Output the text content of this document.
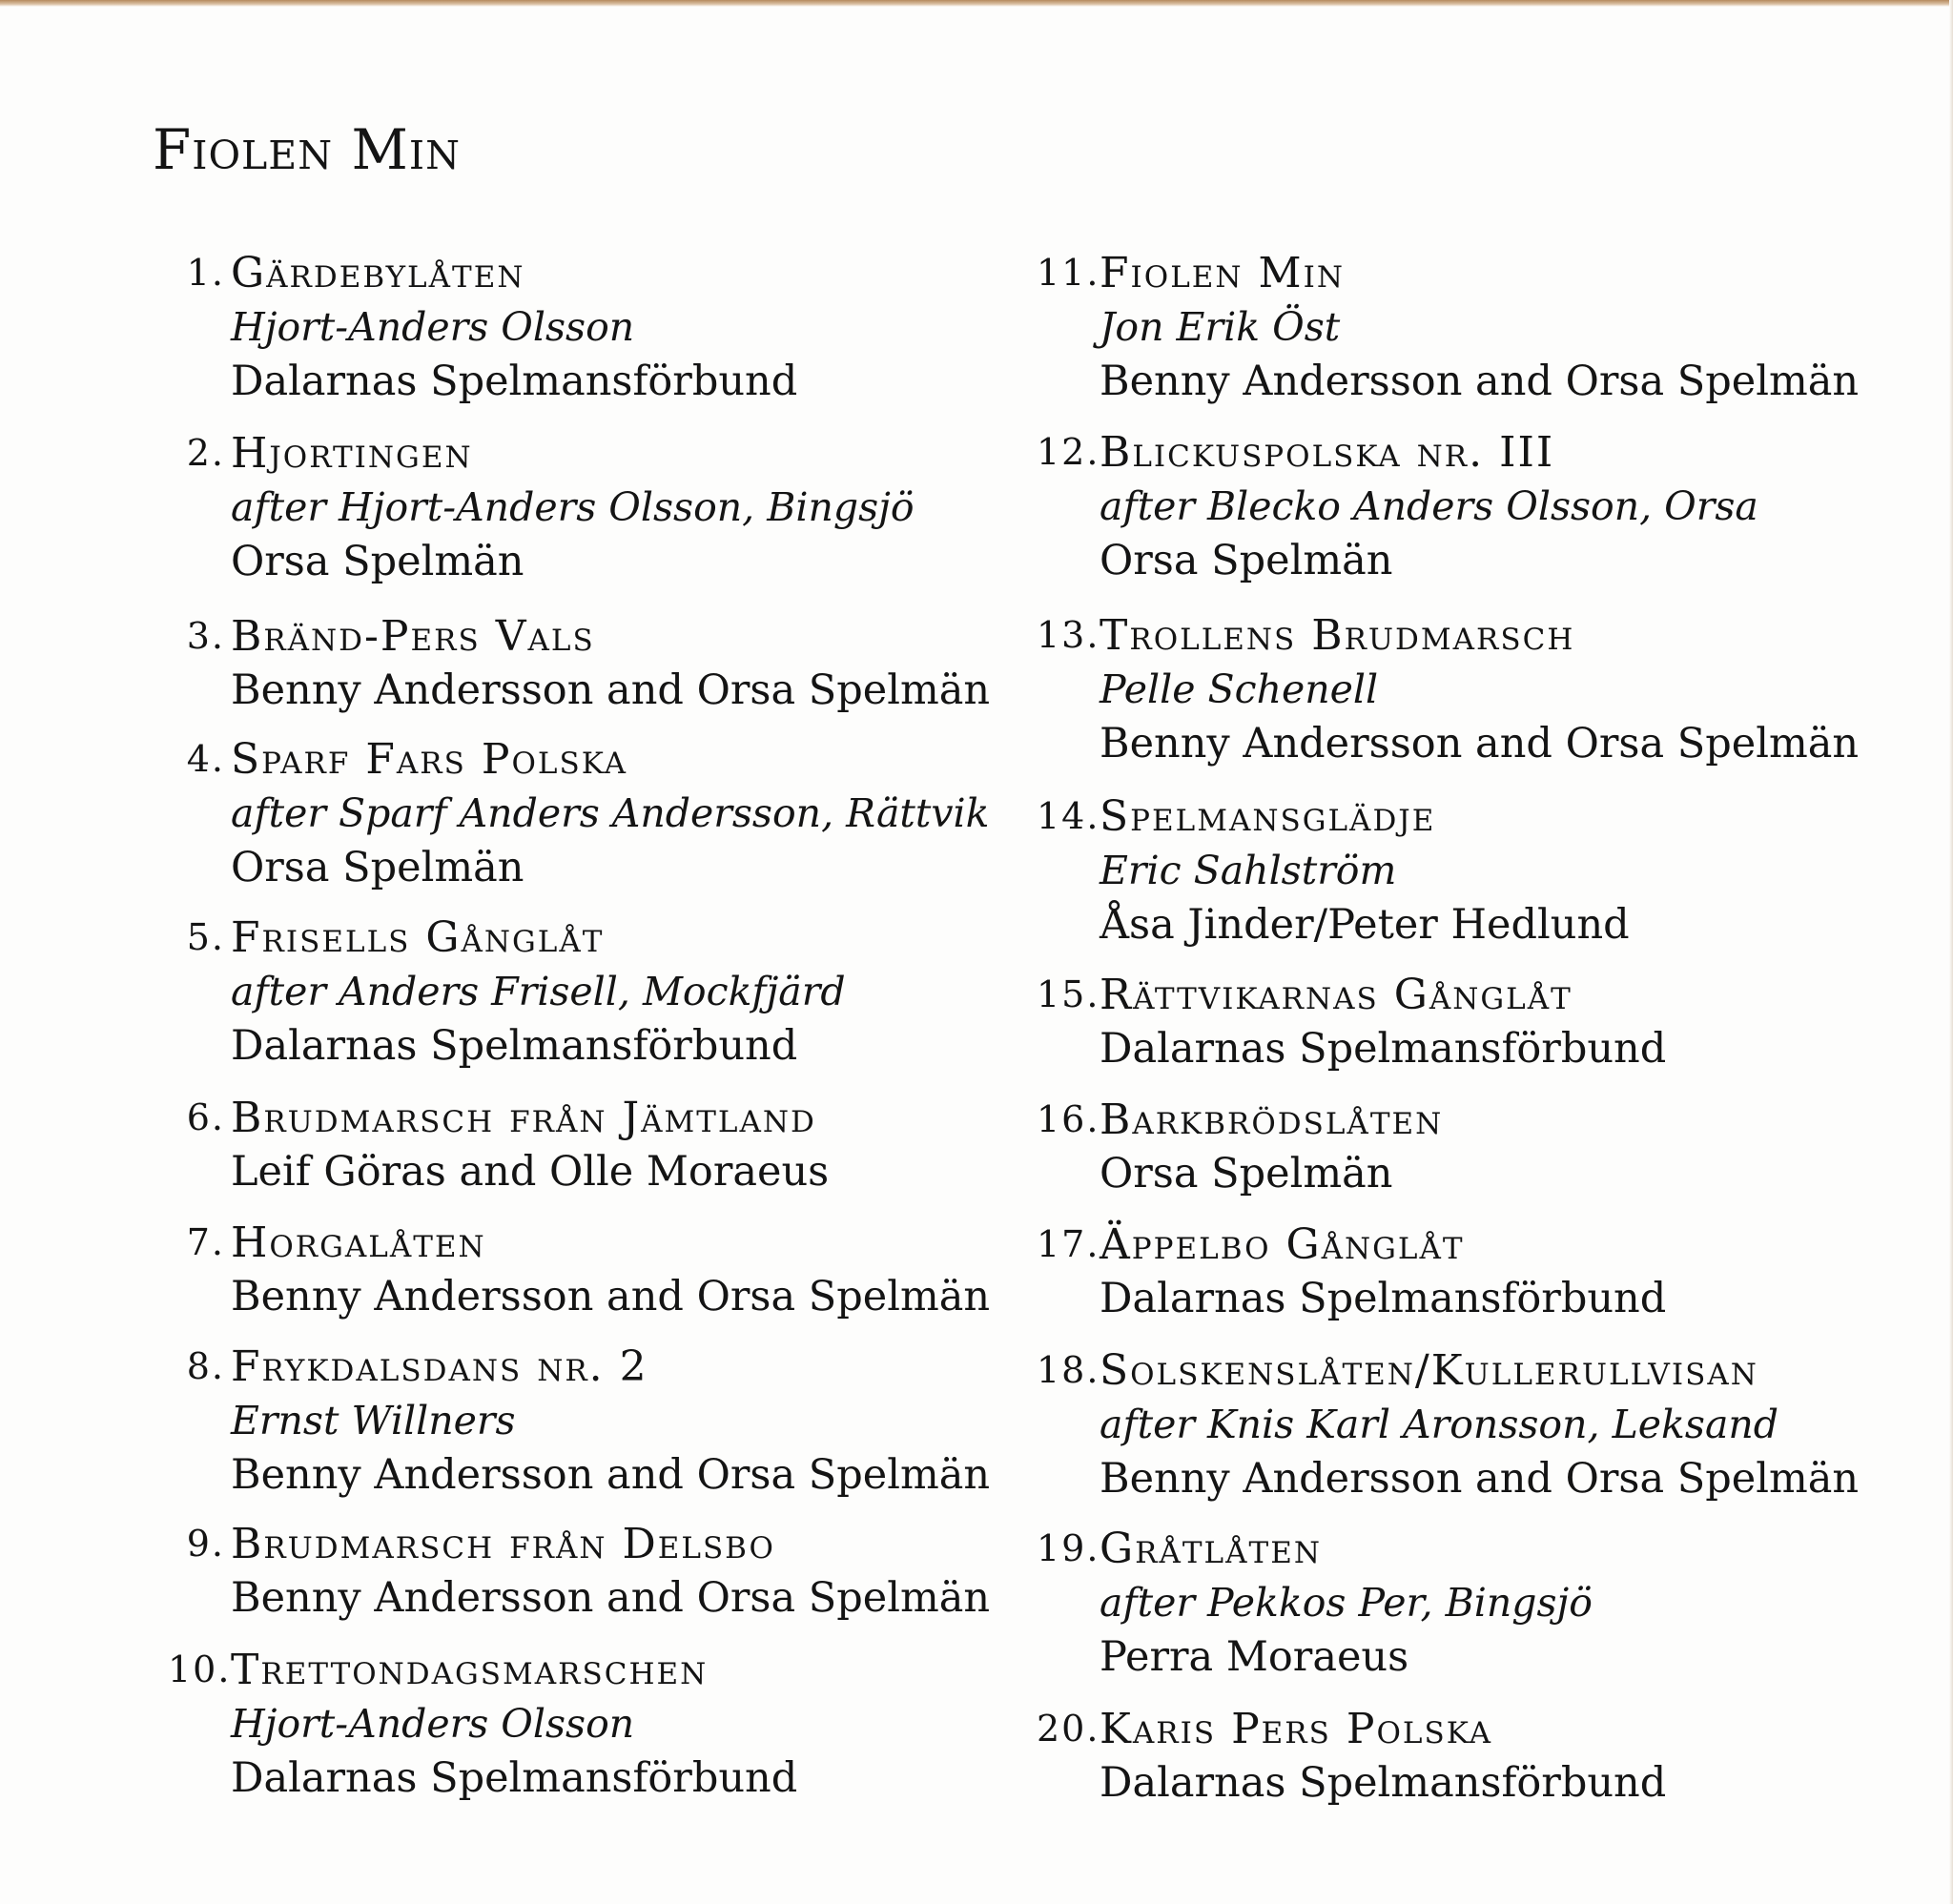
Fiolen Min
1. Gärdebylåten
Hjort-Anders Olsson
Dalarnas Spelmansförbund
2. Hjortingen
after Hjort-Anders Olsson, Bingsjö
Orsa Spelmän
3. Bränd-Pers Vals
Benny Andersson and Orsa Spelmän
4. Sparf Fars Polska
after Sparf Anders Andersson, Rättvik
Orsa Spelmän
5. Frisells Gånglåt
after Anders Frisell, Mockfjärd
Dalarnas Spelmansförbund
6. Brudmarsch från Jämtland
Leif Göras and Olle Moraeus
7. Horgalåten
Benny Andersson and Orsa Spelmän
8. Frykdalsdans nr. 2
Ernst Willners
Benny Andersson and Orsa Spelmän
9. Brudmarsch från Delsbo
Benny Andersson and Orsa Spelmän
10. Trettondagsmarschen
Hjort-Anders Olsson
Dalarnas Spelmansförbund
11. Fiolen Min
Jon Erik Öst
Benny Andersson and Orsa Spelmän
12. Blickuspolska nr. III
after Blecko Anders Olsson, Orsa
Orsa Spelmän
13. Trollens Brudmarsch
Pelle Schenell
Benny Andersson and Orsa Spelmän
14. Spelmansglädje
Eric Sahlström
Åsa Jinder/Peter Hedlund
15. Rättvikarnas Gånglåt
Dalarnas Spelmansförbund
16. Barkbrödslåten
Orsa Spelmän
17. Äppelbo Gånglåt
Dalarnas Spelmansförbund
18. Solskenslåten/Kullerullvisan
after Knis Karl Aronsson, Leksand
Benny Andersson and Orsa Spelmän
19. Gråtlåten
after Pekkos Per, Bingsjö
Perra Moraeus
20. Karis Pers Polska
Dalarnas Spelmansförbund
